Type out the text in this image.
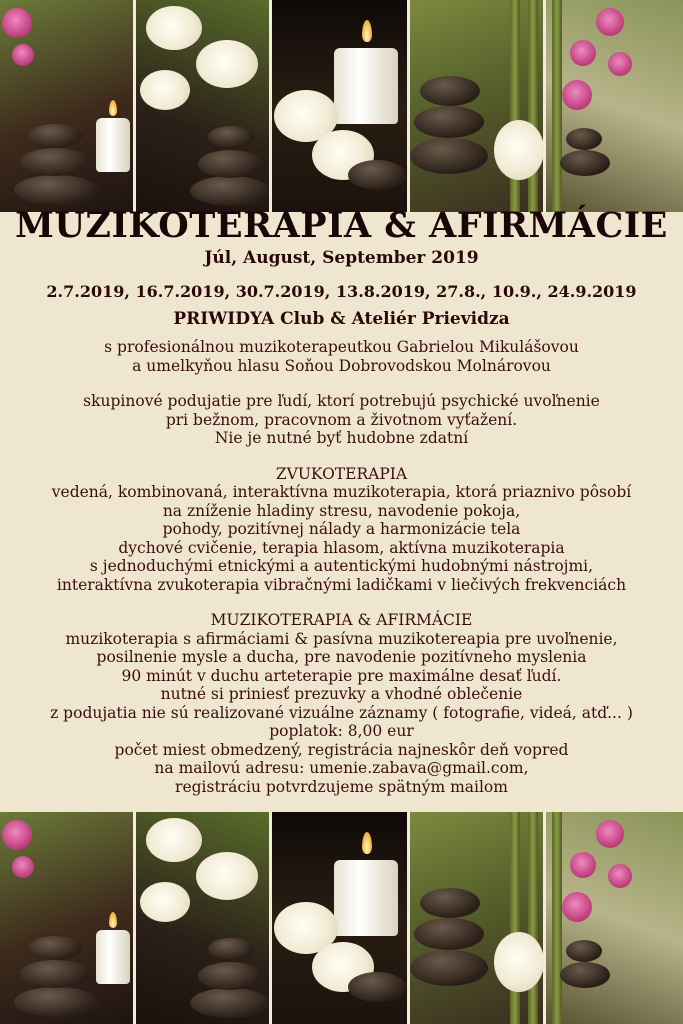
MUZIKOTERAPIA & AFIRMÁCIE
Júl, August, September 2019
2.7.2019, 16.7.2019, 30.7.2019, 13.8.2019, 27.8., 10.9., 24.9.2019
PRIWIDYA Club & Ateliér Prievidza
s profesionálnou muzikoterapeutkou Gabrielou Mikulášovou
a umelkyňou hlasu Soňou Dobrovodskou Molnárovou
skupinové podujatie pre ľudí, ktorí potrebujú psychické uvoľnenie
pri bežnom, pracovnom a životnom vyťažení.
Nie je nutné byť hudobne zdatní
ZVUKOTERAPIA
vedená, kombinovaná, interaktívna muzikoterapia, ktorá priaznivo pôsobí
na zníženie hladiny stresu, navodenie pokoja,
pohody, pozitívnej nálady a harmonizácie tela
dychové cvičenie, terapia hlasom, aktívna muzikoterapia
s jednoduchými etnickými a autentickými hudobnými nástrojmi,
interaktívna zvukoterapia vibračnými ladičkami v liečivých frekvenciách
MUZIKOTERAPIA & AFIRMÁCIE
muzikoterapia s afirmáciami & pasívna muzikotereapia pre uvoľnenie,
posilnenie mysle a ducha, pre navodenie pozitívneho myslenia
90 minút v duchu arteterapie pre maximálne desať ľudí.
nutné si priniesť prezuvky a vhodné oblečenie
z podujatia nie sú realizované vizuálne záznamy ( fotografie, videá, atď... )
poplatok: 8,00 eur
počet miest obmedzený, registrácia najneskôr deň vopred
na mailovú adresu: umenie.zabava@gmail.com,
registráciu potvrdzujeme spätným mailom
